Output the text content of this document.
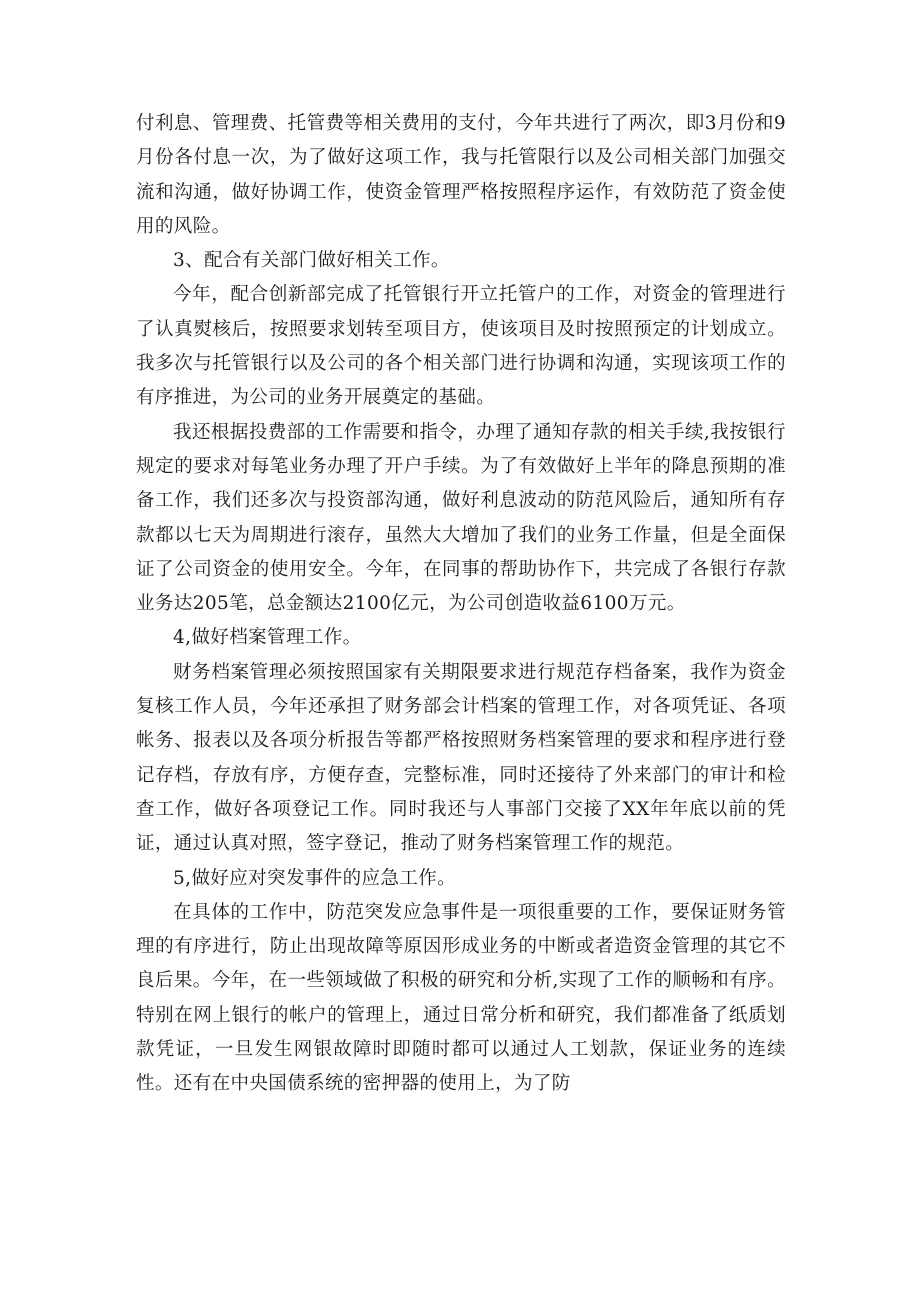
付利息、管理费、托管费等相关费用的支付，今年共进行了两次，即3月份和9月份各付息一次，为了做好这项工作，我与托管限行以及公司相关部门加强交流和沟通，做好协调工作，使资金管理严格按照程序运作，有效防范了资金使用的风险。

3、配合有关部门做好相关工作。

今年，配合创新部完成了托管银行开立托管户的工作，对资金的管理进行了认真熨核后，按照要求划转至项目方，使该项目及时按照预定的计划成立。我多次与托管银行以及公司的各个相关部门进行协调和沟通，实现该项工作的有序推进，为公司的业务开展奠定的基础。

我还根据投费部的工作需要和指令，办理了通知存款的相关手续,我按银行规定的要求对每笔业务办理了开户手续。为了有效做好上半年的降息预期的准备工作，我们还多次与投资部沟通，做好利息波动的防范风险后，通知所有存款都以七天为周期进行滚存，虽然大大增加了我们的业务工作量，但是全面保证了公司资金的使用安全。今年，在同事的帮助协作下，共完成了各银行存款业务达205笔，总金额达2100亿元，为公司创造收益6100万元。

4,做好档案管理工作。

财务档案管理必须按照国家有关期限要求进行规范存档备案，我作为资金复核工作人员，今年还承担了财务部会计档案的管理工作，对各项凭证、各项帐务、报表以及各项分析报告等都严格按照财务档案管理的要求和程序进行登记存档，存放有序，方便存查，完整标准，同时还接待了外来部门的审计和检查工作，做好各项登记工作。同时我还与人事部门交接了XX年年底以前的凭证，通过认真对照，签字登记，推动了财务档案管理工作的规范。

5,做好应对突发事件的应急工作。

在具体的工作中，防范突发应急事件是一项很重要的工作，要保证财务管理的有序进行，防止出现故障等原因形成业务的中断或者造资金管理的其它不良后果。今年，在一些领域做了积极的研究和分析,实现了工作的顺畅和有序。特别在网上银行的帐户的管理上，通过日常分析和研究，我们都准备了纸质划款凭证，一旦发生网银故障时即随时都可以通过人工划款，保证业务的连续性。还有在中央国债系统的密押器的使用上，为了防
